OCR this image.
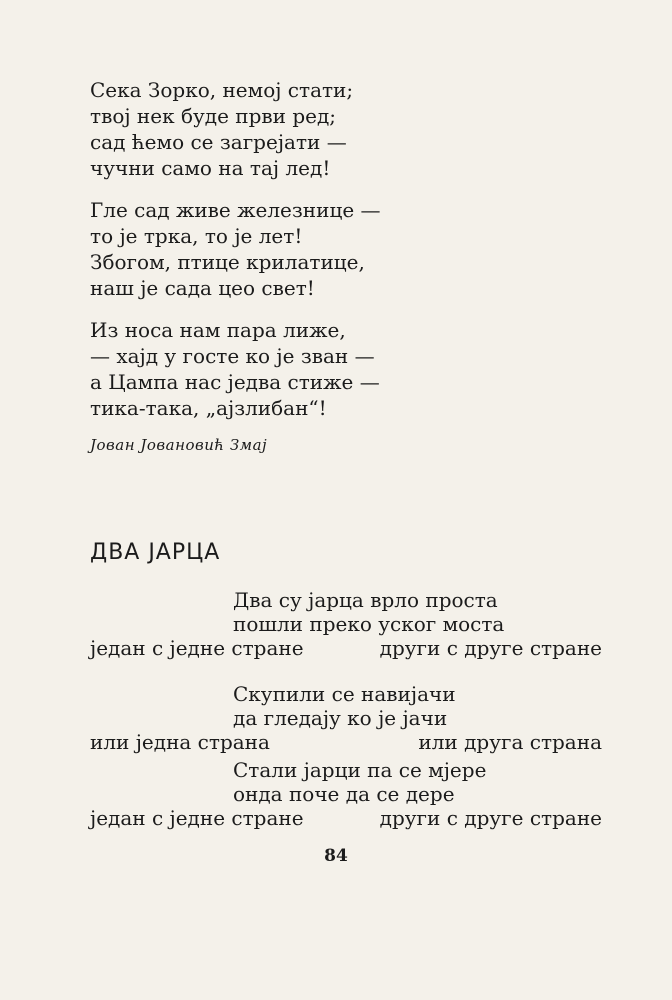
Сека Зорко, немој стати;
твој нек буде први ред;
сад ћемо се загрејати —
чучни само на тај лед!
Гле сад живе железнице —
то је трка, то је лет!
Збогом, птице крилатице,
наш је сада цео свет!
Из носа нам пара лиже,
— хајд у госте ко је зван —
а Цампа нас једва стиже —
тика-така, „аjзлибан“!
Јован Јовановић Змај
ДВА ЈАРЦА
Два су јарца врло проста
пошли преко уског моста
један с једне стране	други с друге стране
Скупили се навијачи
да гледају ко је јачи
или једна страна	или друга страна
Стали јарци па се мјере
онда поче да се дере
један с једне стране	други с друге стране
84
